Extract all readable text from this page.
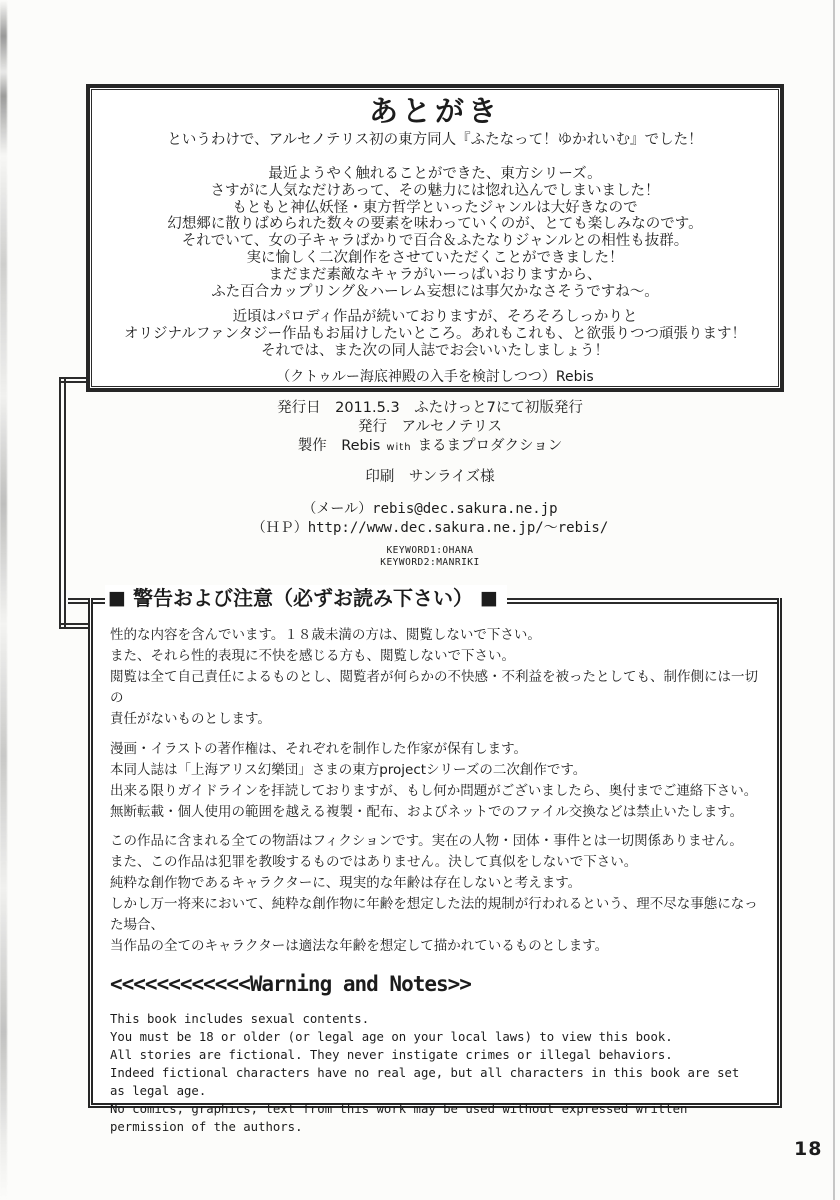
あとがき
というわけで、アルセノテリス初の東方同人『ふたなって！ゆかれいむ』でした！
最近ようやく触れることができた、東方シリーズ。
さすがに人気なだけあって、その魅力には惚れ込んでしまいました！
もともと神仏妖怪・東方哲学といったジャンルは大好きなので
幻想郷に散りばめられた数々の要素を味わっていくのが、とても楽しみなのです。
それでいて、女の子キャラばかりで百合＆ふたなりジャンルとの相性も抜群。
実に愉しく二次創作をさせていただくことができました！
まだまだ素敵なキャラがいーっぱいおりますから、
ふた百合カップリング＆ハーレム妄想には事欠かなさそうですね～。
近頃はパロディ作品が続いておりますが、そろそろしっかりと
オリジナルファンタジー作品もお届けしたいところ。あれもこれも、と欲張りつつ頑張ります！
それでは、また次の同人誌でお会いいたしましょう！
（クトゥルー海底神殿の入手を検討しつつ）Rebis
発行日　2011.5.3　ふたけっと7にて初版発行
発行　アルセノテリス
製作　Rebis with まるまプロダクション
印刷　サンライズ様
（メール）rebis@dec.sakura.ne.jp
（ＨＰ）http://www.dec.sakura.ne.jp/～rebis/
KEYWORD1:OHANA
KEYWORD2:MANRIKI
■ 警告および注意（必ずお読み下さい） ■
性的な内容を含んでいます。１８歳未満の方は、閲覧しないで下さい。
また、それら性的表現に不快を感じる方も、閲覧しないで下さい。
閲覧は全て自己責任によるものとし、閲覧者が何らかの不快感・不利益を被ったとしても、制作側には一切の
責任がないものとします。
漫画・イラストの著作権は、それぞれを制作した作家が保有します。
本同人誌は「上海アリス幻樂団」さまの東方projectシリーズの二次創作です。
出来る限りガイドラインを拝読しておりますが、もし何か問題がございましたら、奥付までご連絡下さい。
無断転載・個人使用の範囲を越える複製・配布、およびネットでのファイル交換などは禁止いたします。
この作品に含まれる全ての物語はフィクションです。実在の人物・団体・事件とは一切関係ありません。
また、この作品は犯罪を教唆するものではありません。決して真似をしないで下さい。
純粋な創作物であるキャラクターに、現実的な年齢は存在しないと考えます。
しかし万一将来において、純粋な創作物に年齢を想定した法的規制が行われるという、理不尽な事態になった場合、
当作品の全てのキャラクターは適法な年齢を想定して描かれているものとします。
<<<<<<<<<<<<Warning and Notes>>
This book includes sexual contents.
You must be 18 or older (or legal age on your local laws) to view this book.
All stories are fictional. They never instigate crimes or illegal behaviors.
Indeed fictional characters have no real age, but all characters in this book are set as legal age.
No comics, graphics, text from this work may be used without expressed written permission of the authors.
18
